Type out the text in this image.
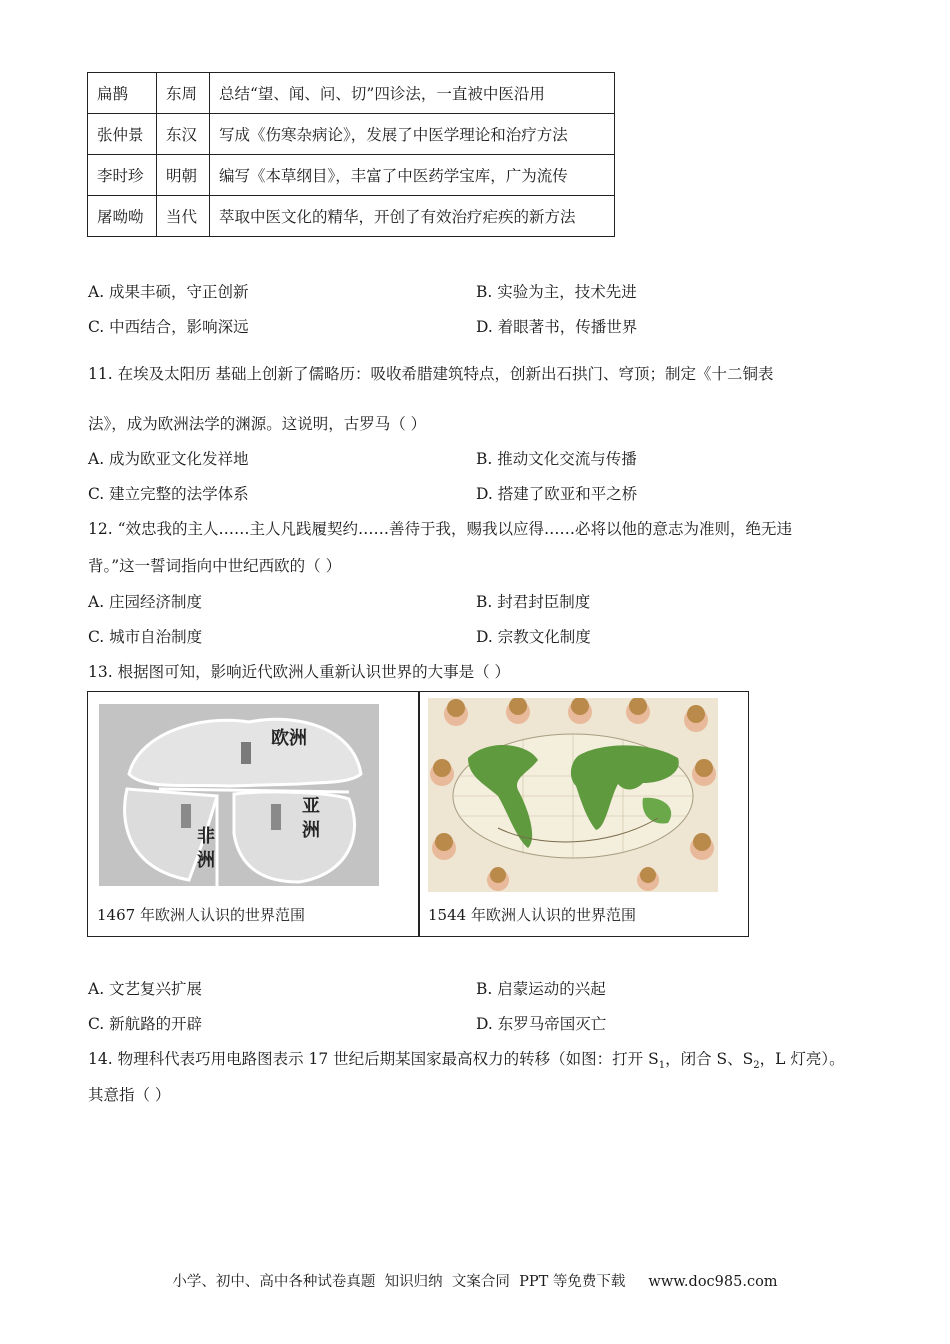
扁鹊	东周	总结“望、闻、问、切”四诊法，一直被中医沿用
张仲景	东汉	写成《伤寒杂病论》，发展了中医学理论和治疗方法
李时珍	明朝	编写《本草纲目》，丰富了中医药学宝库，广为流传
屠呦呦	当代	萃取中医文化的精华，开创了有效治疗疟疾的新方法
A. 成果丰硕，守正创新	B. 实验为主，技术先进
C. 中西结合，影响深远	D. 着眼著书，传播世界
11. 在埃及太阳历 基础上创新了儒略历：吸收希腊建筑特点，创新出石拱门、穹顶；制定《十二铜表
法》，成为欧洲法学的渊源。这说明，古罗马（ ）
A. 成为欧亚文化发祥地	B. 推动文化交流与传播
C. 建立完整的法学体系	D. 搭建了欧亚和平之桥
12. “效忠我的主人……主人凡践履契约……善待于我，赐我以应得……必将以他的意志为准则，绝无违
背。”这一誓词指向中世纪西欧的（ ）
A. 庄园经济制度	B. 封君封臣制度
C. 城市自治制度	D. 宗教文化制度
13. 根据图可知，影响近代欧洲人重新认识世界的大事是（ ）
欧洲
亚
洲
非
洲
1467 年欧洲人认识的世界范围	1544 年欧洲人认识的世界范围
A. 文艺复兴扩展	B. 启蒙运动的兴起
C. 新航路的开辟	D. 东罗马帝国灭亡
14. 物理科代表巧用电路图表示 17 世纪后期某国家最高权力的转移（如图：打开 $S_1$，闭合 S、$S_2$，L 灯亮）。
其意指（ ）
小学、初中、高中各种试卷真题  知识归纳  文案合同  PPT 等免费下载     www.doc985.com
